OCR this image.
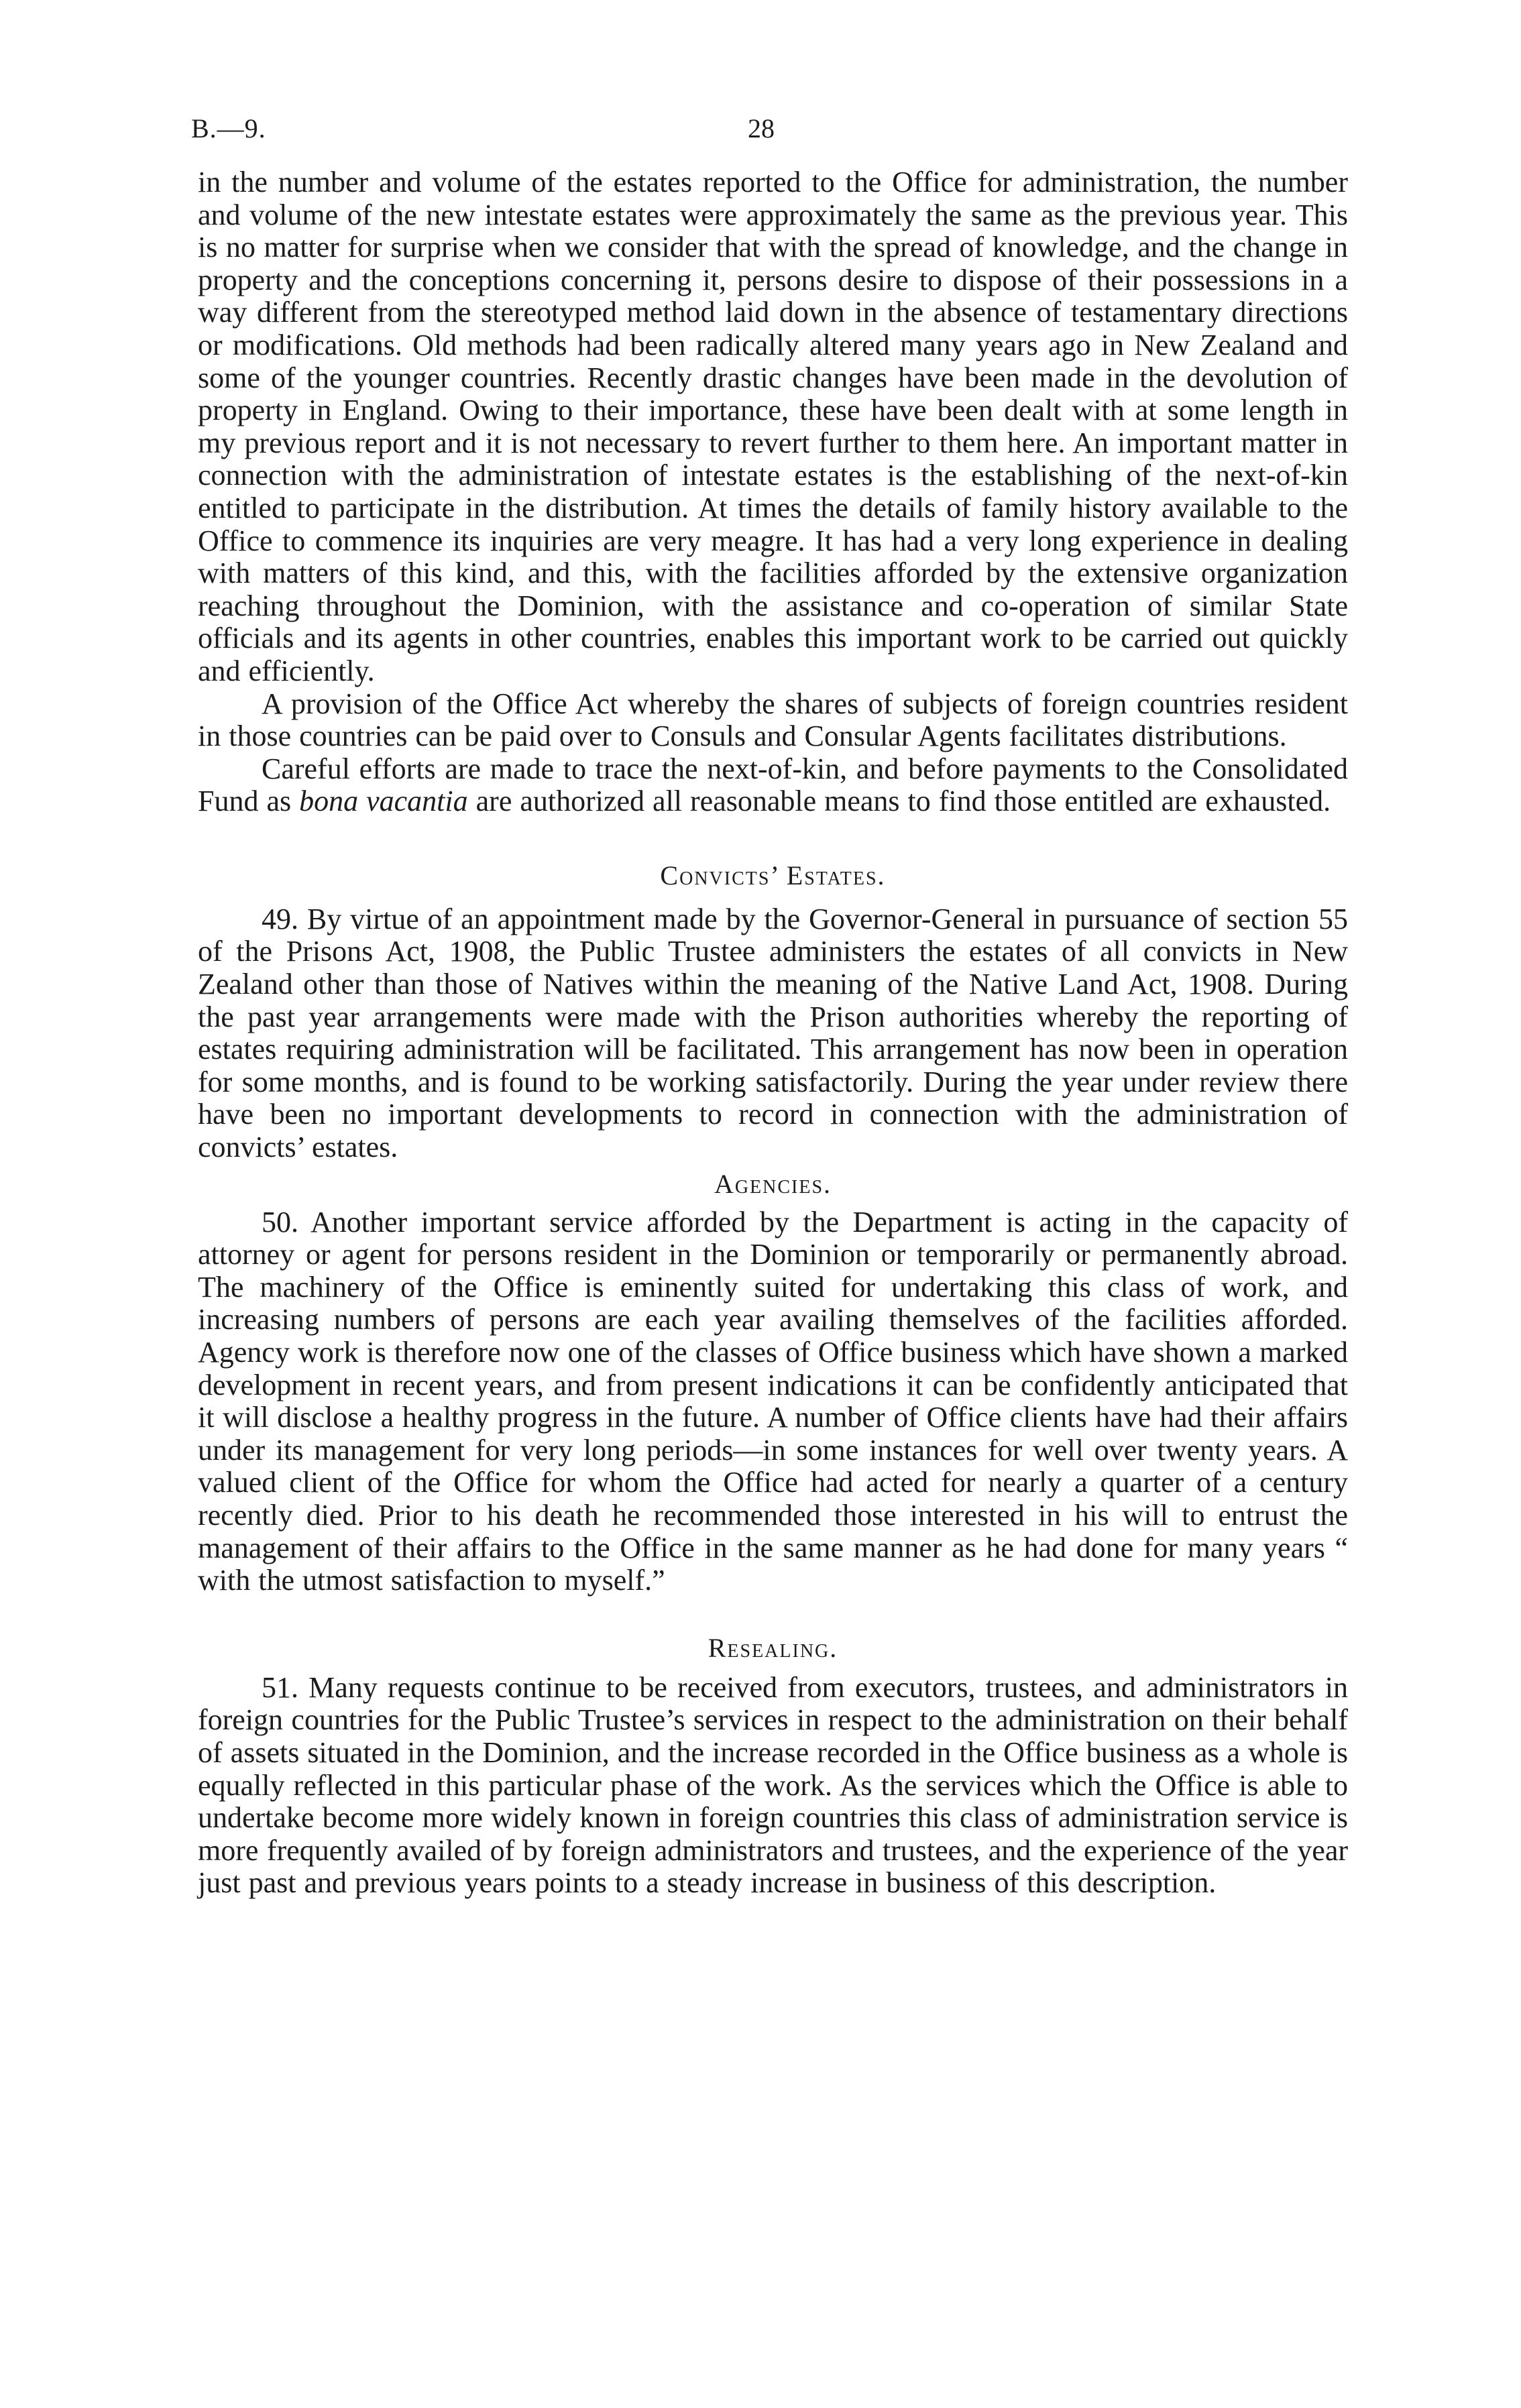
B.—9.	28

in the number and volume of the estates reported to the Office for administration, the number and volume of the new intestate estates were approximately the same as the previous year. This is no matter for surprise when we consider that with the spread of knowledge, and the change in property and the conceptions concerning it, persons desire to dispose of their possessions in a way different from the stereotyped method laid down in the absence of testamentary directions or modifications. Old methods had been radically altered many years ago in New Zealand and some of the younger countries. Recently drastic changes have been made in the devolution of property in England. Owing to their importance, these have been dealt with at some length in my previous report and it is not necessary to revert further to them here. An important matter in connection with the administration of intestate estates is the establishing of the next-of-kin entitled to participate in the distribution. At times the details of family history available to the Office to commence its inquiries are very meagre. It has had a very long experience in dealing with matters of this kind, and this, with the facilities afforded by the extensive organization reaching throughout the Dominion, with the assistance and co-operation of similar State officials and its agents in other countries, enables this important work to be carried out quickly and efficiently.

A provision of the Office Act whereby the shares of subjects of foreign countries resident in those countries can be paid over to Consuls and Consular Agents facilitates distributions.

Careful efforts are made to trace the next-of-kin, and before payments to the Consolidated Fund as bona vacantia are authorized all reasonable means to find those entitled are exhausted.

Convicts’ Estates.

49. By virtue of an appointment made by the Governor-General in pursuance of section 55 of the Prisons Act, 1908, the Public Trustee administers the estates of all convicts in New Zealand other than those of Natives within the meaning of the Native Land Act, 1908. During the past year arrangements were made with the Prison authorities whereby the reporting of estates requiring administration will be facilitated. This arrangement has now been in operation for some months, and is found to be working satisfactorily. During the year under review there have been no important developments to record in connection with the administration of convicts’ estates.

Agencies.

50. Another important service afforded by the Department is acting in the capacity of attorney or agent for persons resident in the Dominion or temporarily or permanently abroad. The machinery of the Office is eminently suited for undertaking this class of work, and increasing numbers of persons are each year availing themselves of the facilities afforded. Agency work is therefore now one of the classes of Office business which have shown a marked development in recent years, and from present indications it can be confidently anticipated that it will disclose a healthy progress in the future. A number of Office clients have had their affairs under its management for very long periods—in some instances for well over twenty years. A valued client of the Office for whom the Office had acted for nearly a quarter of a century recently died. Prior to his death he recommended those interested in his will to entrust the management of their affairs to the Office in the same manner as he had done for many years “ with the utmost satisfaction to myself.”

Resealing.

51. Many requests continue to be received from executors, trustees, and administrators in foreign countries for the Public Trustee’s services in respect to the administration on their behalf of assets situated in the Dominion, and the increase recorded in the Office business as a whole is equally reflected in this particular phase of the work. As the services which the Office is able to undertake become more widely known in foreign countries this class of administration service is more frequently availed of by foreign administrators and trustees, and the experience of the year just past and previous years points to a steady increase in business of this description.
